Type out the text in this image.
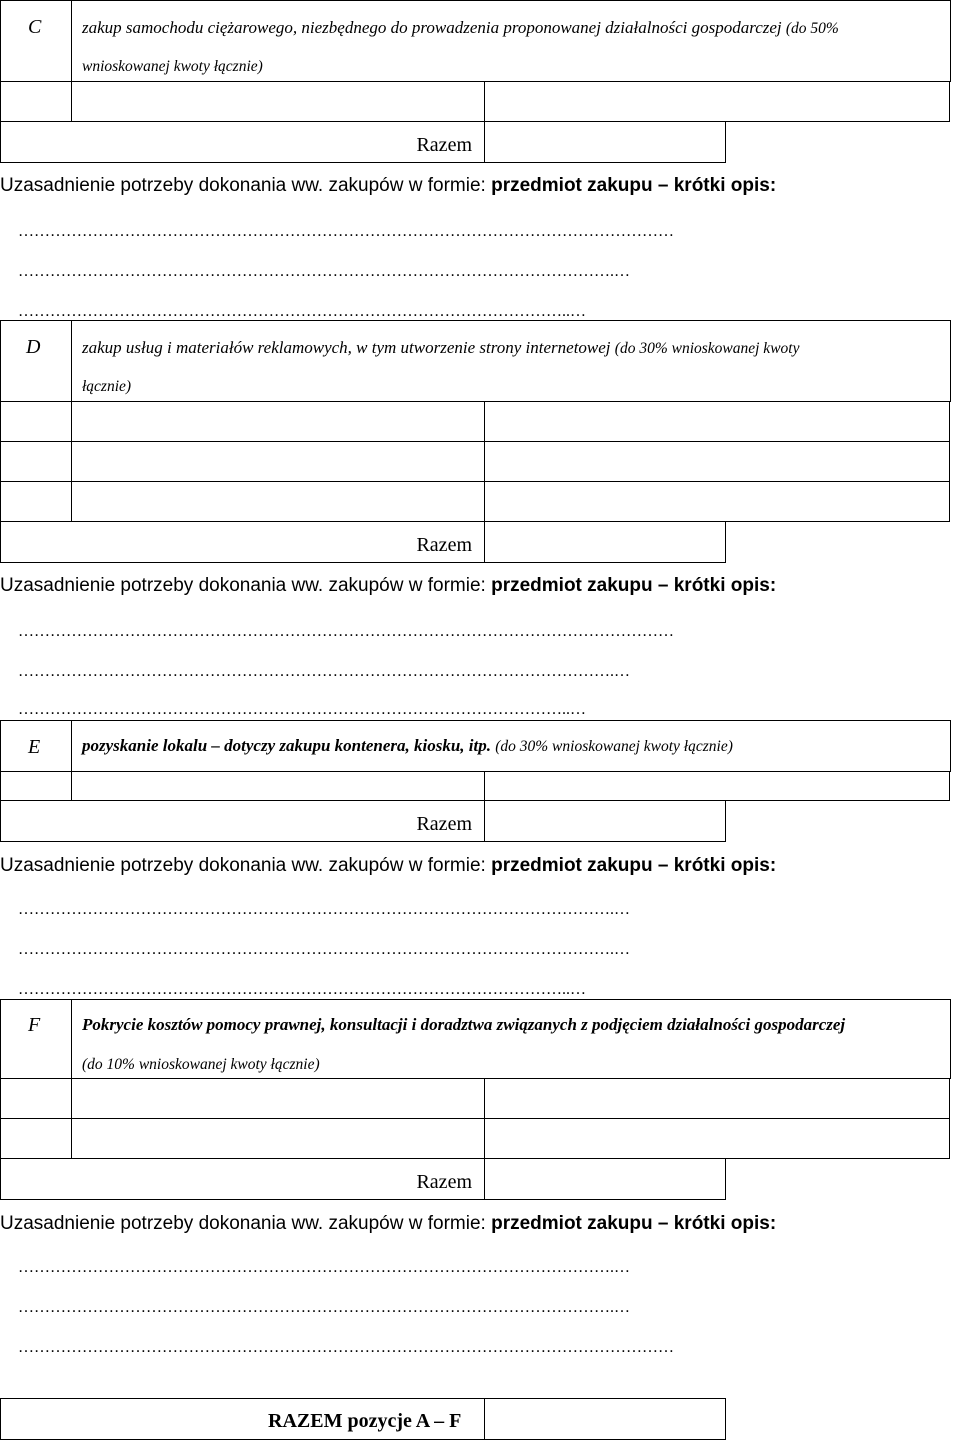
C zakup samochodu ciężarowego, niezbędnego do prowadzenia proponowanej działalności gospodarczej (do 50%
wnioskowanej kwoty łącznie)
Razem
Uzasadnienie potrzeby dokonania ww. zakupów w formie: przedmiot zakupu – krótki opis:
……………………………………………………………………………………………………………
………………………………………………………………………………………………….…
…………………………………………………………………………………………..…
D zakup usług i materiałów reklamowych, w tym utworzenie strony internetowej (do 30% wnioskowanej kwoty
łącznie)
Razem
Uzasadnienie potrzeby dokonania ww. zakupów w formie: przedmiot zakupu – krótki opis:
……………………………………………………………………………………………………………
………………………………………………………………………………………………….…
…………………………………………………………………………………………..…
E pozyskanie lokalu – dotyczy zakupu kontenera, kiosku, itp. (do 30% wnioskowanej kwoty łącznie)
Razem
Uzasadnienie potrzeby dokonania ww. zakupów w formie: przedmiot zakupu – krótki opis:
………………………………………………………………………………………………….…
………………………………………………………………………………………………….…
…………………………………………………………………………………………..…
F Pokrycie kosztów pomocy prawnej, konsultacji i doradztwa związanych z podjęciem działalności gospodarczej
(do 10% wnioskowanej kwoty łącznie)
Razem
Uzasadnienie potrzeby dokonania ww. zakupów w formie: przedmiot zakupu – krótki opis:
………………………………………………………………………………………………….…
………………………………………………………………………………………………….…
……………………………………………………………………………………………………………
RAZEM pozycje A – F
